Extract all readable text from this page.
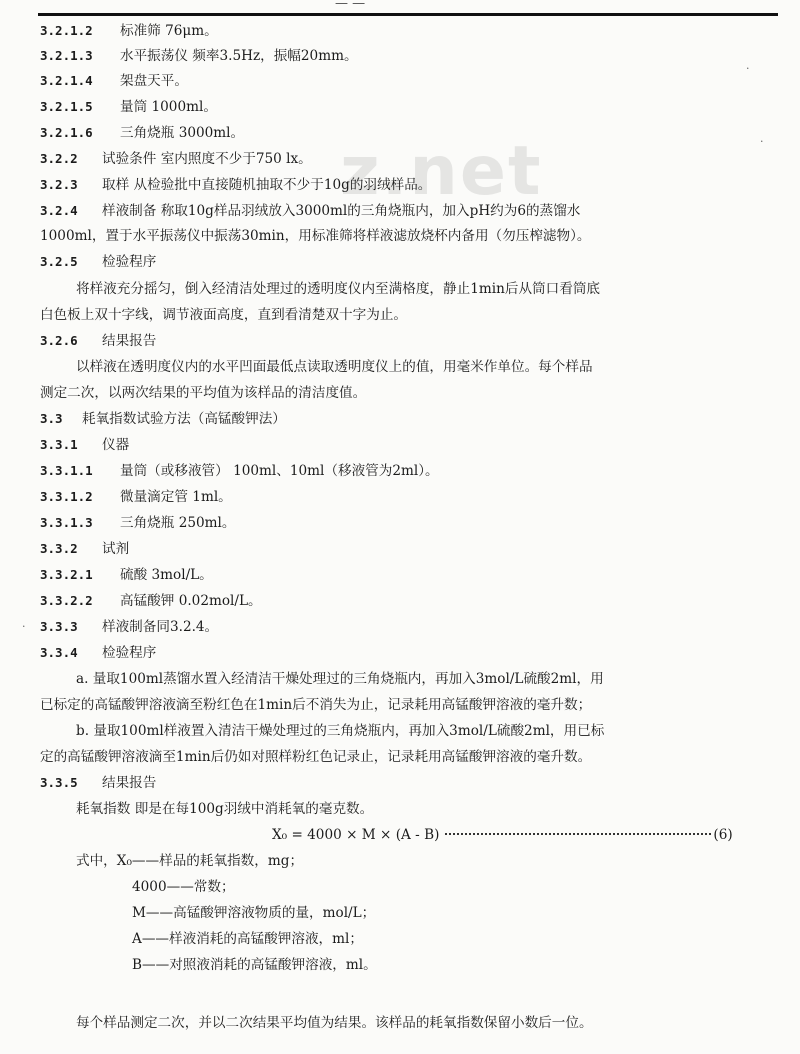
— —
z.net
3.2.1.2 标准筛 76μm。
3.2.1.3 水平振荡仪 频率3.5Hz，振幅20mm。
3.2.1.4 架盘天平。
3.2.1.5 量筒 1000ml。
3.2.1.6 三角烧瓶 3000ml。
3.2.2 试验条件 室内照度不少于750 lx。
3.2.3 取样 从检验批中直接随机抽取不少于10g的羽绒样品。
3.2.4 样液制备 称取10g样品羽绒放入3000ml的三角烧瓶内，加入pH约为6的蒸馏水
1000ml，置于水平振荡仪中振荡30min，用标准筛将样液滤放烧杯内备用（勿压榨滤物）。
3.2.5 检验程序
将样液充分摇匀，倒入经清洁处理过的透明度仪内至满格度，静止1min后从筒口看筒底
白色板上双十字线，调节液面高度，直到看清楚双十字为止。
3.2.6 结果报告
以样液在透明度仪内的水平凹面最低点读取透明度仪上的值，用毫米作单位。每个样品
测定二次，以两次结果的平均值为该样品的清洁度值。
3.3 耗氧指数试验方法（高锰酸钾法）
3.3.1 仪器
3.3.1.1 量筒（或移液管） 100ml、10ml（移液管为2ml）。
3.3.1.2 微量滴定管 1ml。
3.3.1.3 三角烧瓶 250ml。
3.3.2 试剂
3.3.2.1 硫酸 3mol/L。
3.3.2.2 高锰酸钾 0.02mol/L。
3.3.3 样液制备同3.2.4。
3.3.4 检验程序
a. 量取100ml蒸馏水置入经清洁干燥处理过的三角烧瓶内，再加入3mol/L硫酸2ml，用
已标定的高锰酸钾溶液滴至粉红色在1min后不消失为止，记录耗用高锰酸钾溶液的毫升数；
b. 量取100ml样液置入清洁干燥处理过的三角烧瓶内，再加入3mol/L硫酸2ml，用已标
定的高锰酸钾溶液滴至1min后仍如对照样粉红色记录止，记录耗用高锰酸钾溶液的毫升数。
3.3.5 结果报告
耗氧指数 即是在每100g羽绒中消耗氧的毫克数。
X₀ = 4000 × M × (A - B)	(6)
式中，X₀——样品的耗氧指数，mg；
4000——常数；
M——高锰酸钾溶液物质的量，mol/L；
A——样液消耗的高锰酸钾溶液，ml；
B——对照液消耗的高锰酸钾溶液，ml。
每个样品测定二次，并以二次结果平均值为结果。该样品的耗氧指数保留小数后一位。
·
·
·
